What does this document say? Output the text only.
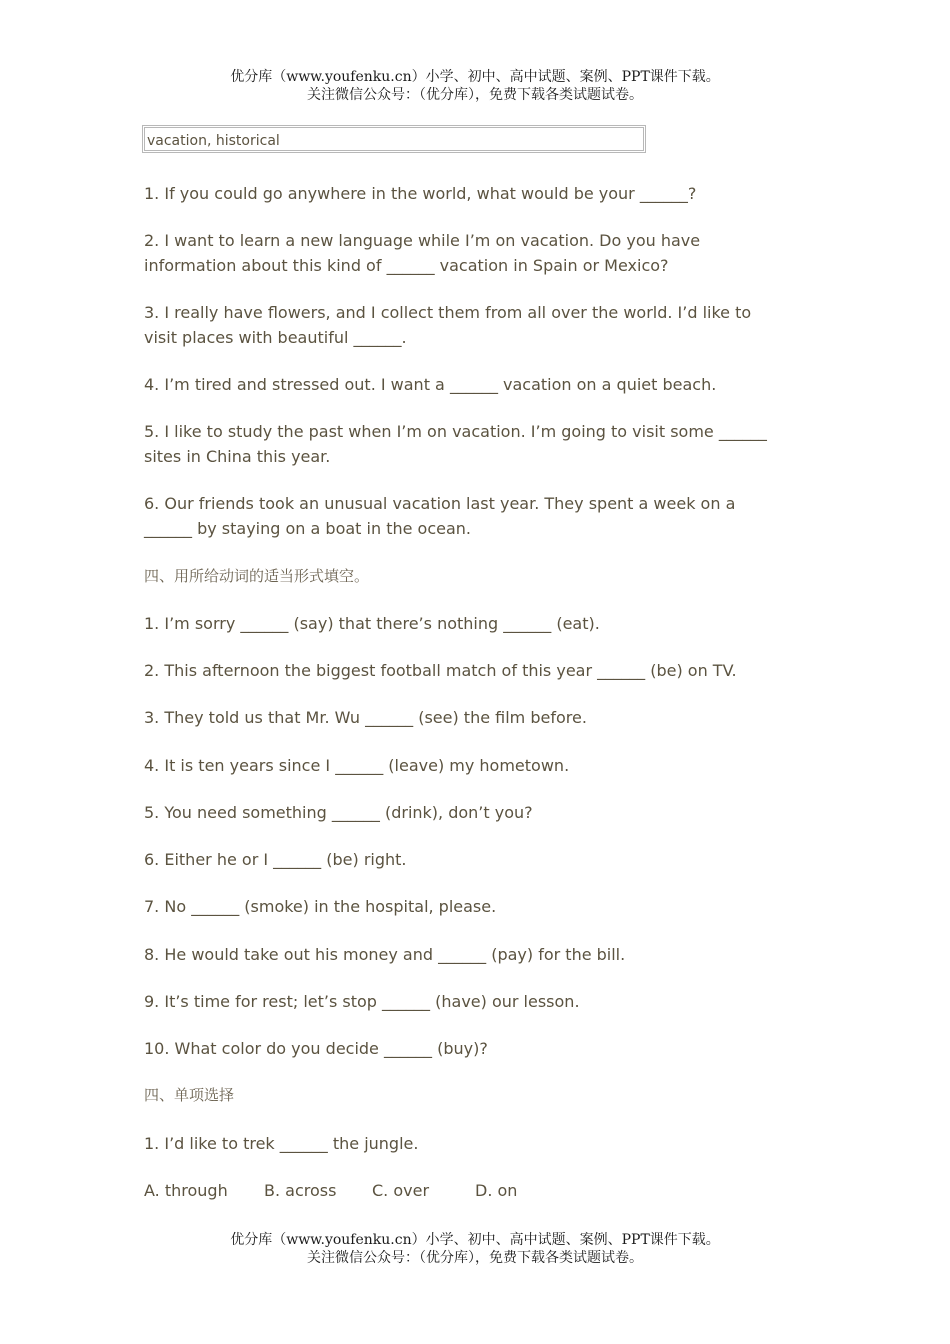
优分库（www.youfenku.cn）小学、初中、高中试题、案例、PPT课件下载。
关注微信公众号：（优分库），免费下载各类试题试卷。
vacation, historical
1. If you could go anywhere in the world, what would be your ______?
2. I want to learn a new language while I’m on vacation. Do you have
information about this kind of ______ vacation in Spain or Mexico?
3. I really have flowers, and I collect them from all over the world. I’d like to
visit places with beautiful ______.
4. I’m tired and stressed out. I want a ______ vacation on a quiet beach.
5. I like to study the past when I’m on vacation. I’m going to visit some ______
sites in China this year.
6. Our friends took an unusual vacation last year. They spent a week on a
______ by staying on a boat in the ocean.
四、用所给动词的适当形式填空。
1. I’m sorry ______ (say) that there’s nothing ______ (eat).
2. This afternoon the biggest football match of this year ______ (be) on TV.
3. They told us that Mr. Wu ______ (see) the film before.
4. It is ten years since I ______ (leave) my hometown.
5. You need something ______ (drink), don’t you?
6. Either he or I ______ (be) right.
7. No ______ (smoke) in the hospital, please.
8. He would take out his money and ______ (pay) for the bill.
9. It’s time for rest; let’s stop ______ (have) our lesson.
10. What color do you decide ______ (buy)?
四、单项选择
1. I’d like to trek ______ the jungle.
A. through B. across C. over	D. on
优分库（www.youfenku.cn）小学、初中、高中试题、案例、PPT课件下载。
关注微信公众号：（优分库），免费下载各类试题试卷。
